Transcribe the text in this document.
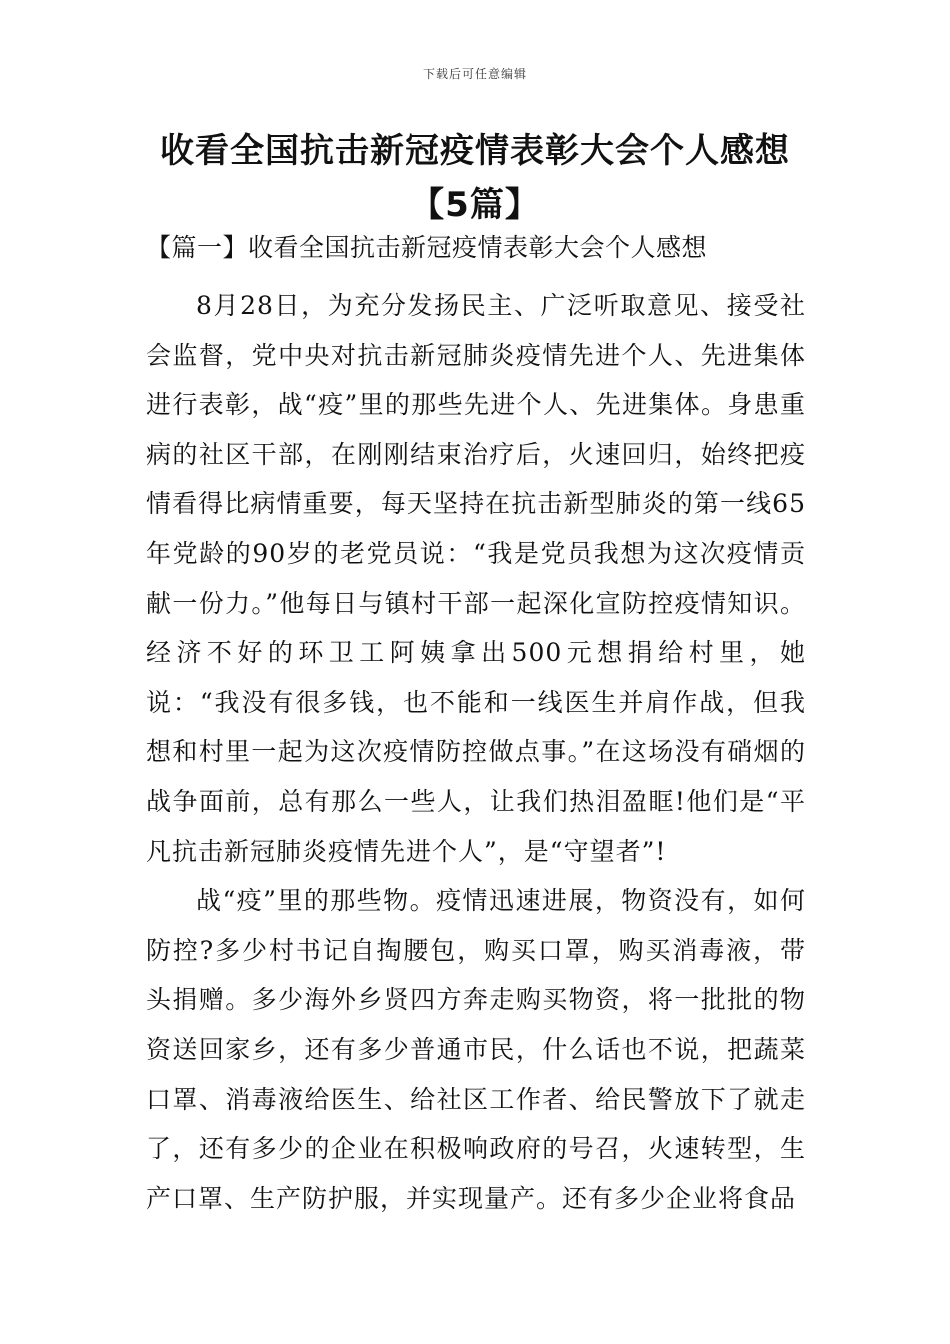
下载后可任意编辑
收看全国抗击新冠疫情表彰大会个人感想
【5篇】
【篇一】收看全国抗击新冠疫情表彰大会个人感想

8月28日，为充分发扬民主、广泛听取意见、接受社会监督，党中央对抗击新冠肺炎疫情先进个人、先进集体进行表彰，战“疫”里的那些先进个人、先进集体。身患重病的社区干部，在刚刚结束治疗后，火速回归，始终把疫情看得比病情重要，每天坚持在抗击新型肺炎的第一线65年党龄的90岁的老党员说：“我是党员我想为这次疫情贡献一份力。”他每日与镇村干部一起深化宣防控疫情知识。经济不好的环卫工阿姨拿出500元想捐给村里，她说：“我没有很多钱，也不能和一线医生并肩作战，但我想和村里一起为这次疫情防控做点事。”在这场没有硝烟的战争面前，总有那么一些人，让我们热泪盈眶!他们是“平凡抗击新冠肺炎疫情先进个人”，是“守望者”!

战“疫”里的那些物。疫情迅速进展，物资没有，如何防控?多少村书记自掏腰包，购买口罩，购买消毒液，带头捐赠。多少海外乡贤四方奔走购买物资，将一批批的物资送回家乡，还有多少普通市民，什么话也不说，把蔬菜口罩、消毒液给医生、给社区工作者、给民警放下了就走了，还有多少的企业在积极响政府的号召，火速转型，生产口罩、生产防护服，并实现量产。还有多少企业将食品
